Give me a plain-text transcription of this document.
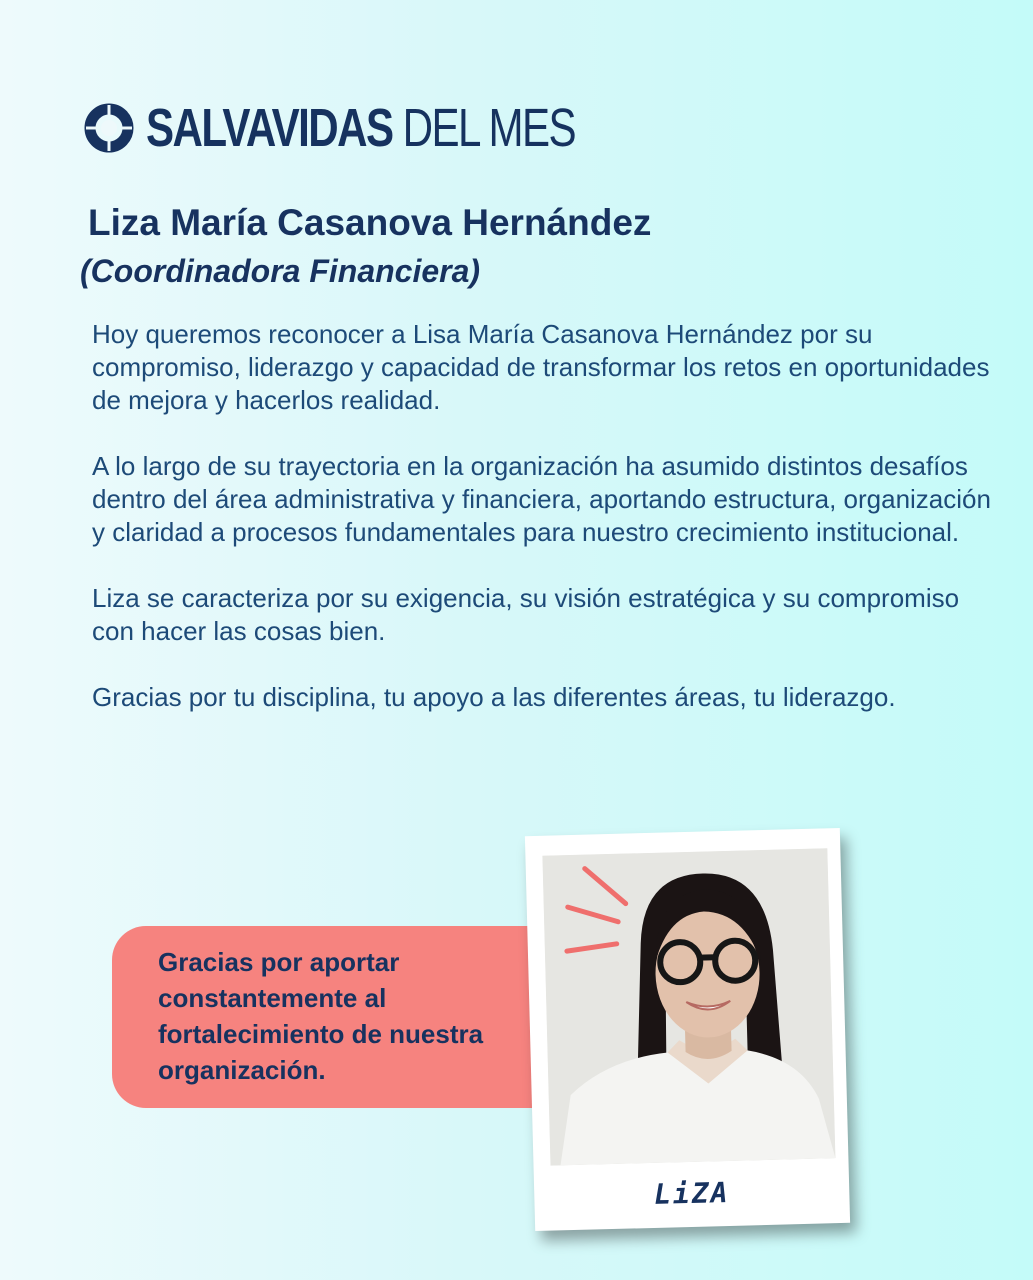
SALVAVIDAS DEL MES
Liza María Casanova Hernández
(Coordinadora Financiera)

Hoy queremos reconocer a Lisa María Casanova Hernández por su compromiso, liderazgo y capacidad de transformar los retos en oportunidades de mejora y hacerlos realidad.

A lo largo de su trayectoria en la organización ha asumido distintos desafíos dentro del área administrativa y financiera, aportando estructura, organización y claridad a procesos fundamentales para nuestro crecimiento institucional.

Liza se caracteriza por su exigencia, su visión estratégica y su compromiso con hacer las cosas bien.

Gracias por tu disciplina, tu apoyo a las diferentes áreas, tu liderazgo.

Gracias por aportar constantemente al fortalecimiento de nuestra organización.

LiZA
